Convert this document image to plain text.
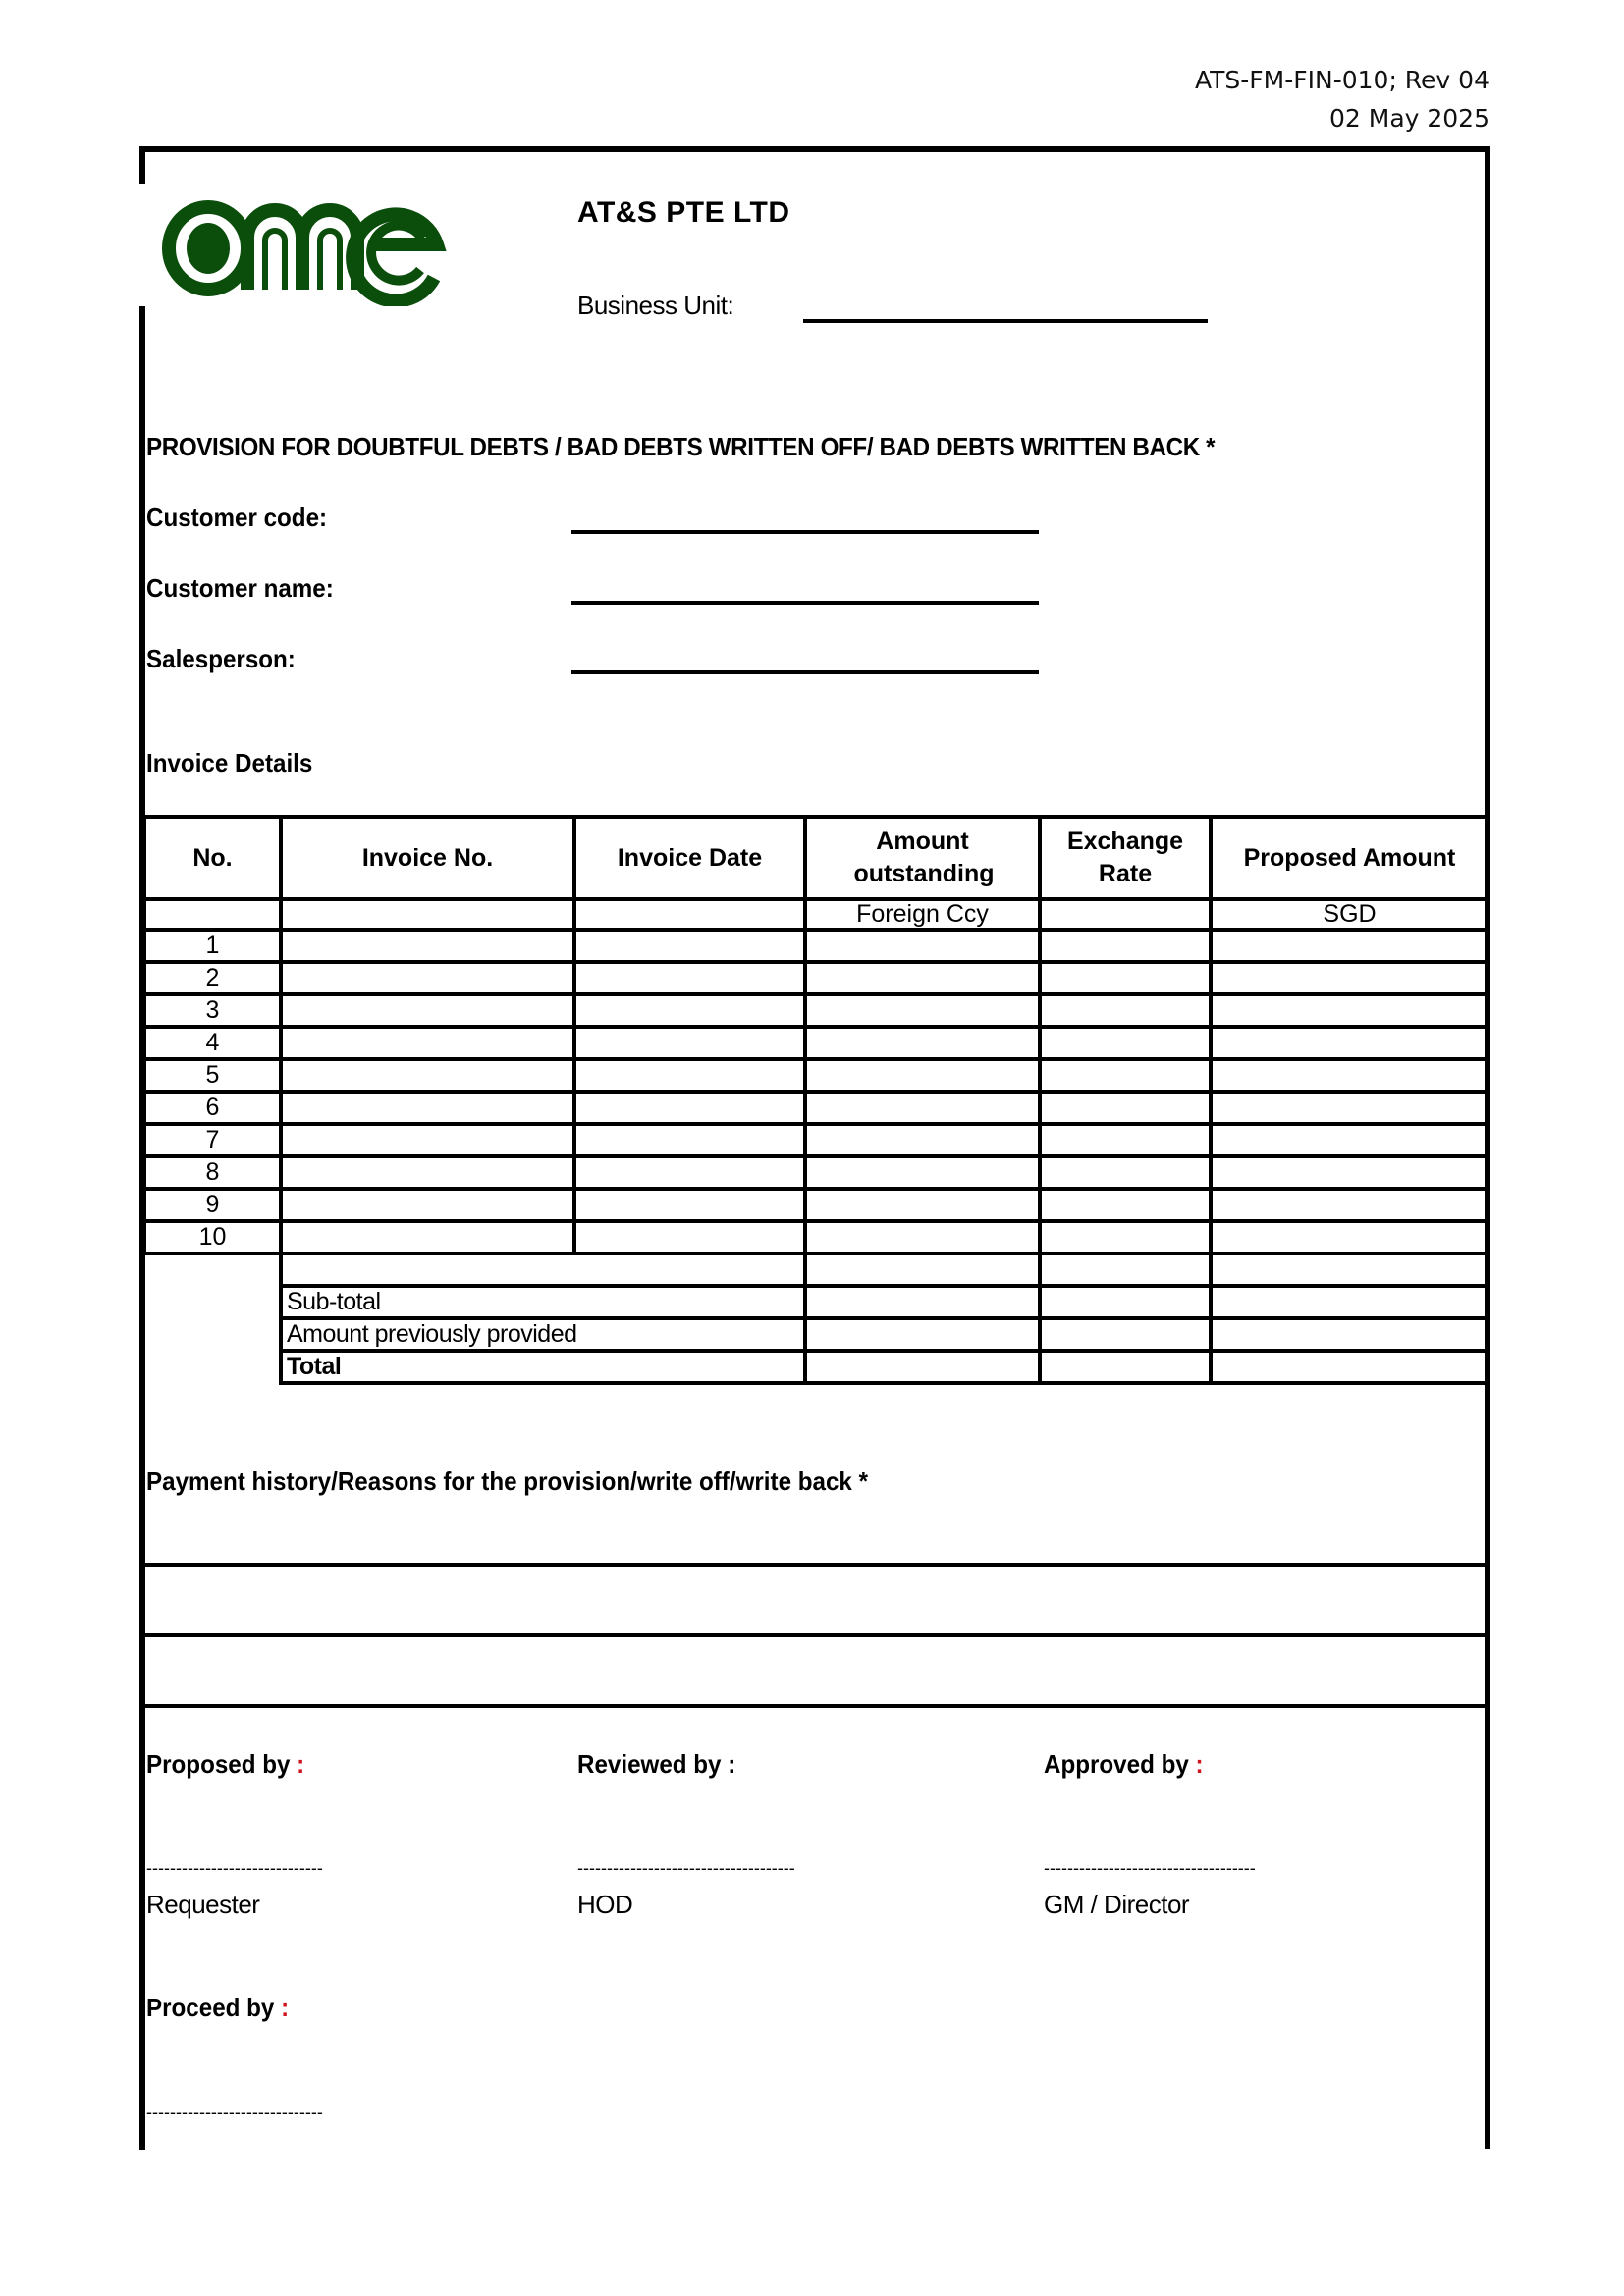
ATS-FM-FIN-010; Rev 04
02 May 2025
AT&S PTE LTD
Business Unit:
PROVISION FOR DOUBTFUL DEBTS / BAD DEBTS WRITTEN OFF/ BAD DEBTS WRITTEN BACK *
Customer code:
Customer name:
Salesperson:
Invoice Details
No.	Invoice No.	Invoice Date	Amount outstanding	Exchange Rate	Proposed Amount
			Foreign Ccy		SGD
1					
2					
3					
4					
5					
6					
7					
8					
9					
10					

	Sub-total				
	Amount previously provided				
	Total				
Payment history/Reasons for the provision/write off/write back *
Proposed by :	Reviewed by :	Approved by :
------------------------------	-------------------------------------	------------------------------------
Requester	HOD	GM / Director
Proceed by :
------------------------------
